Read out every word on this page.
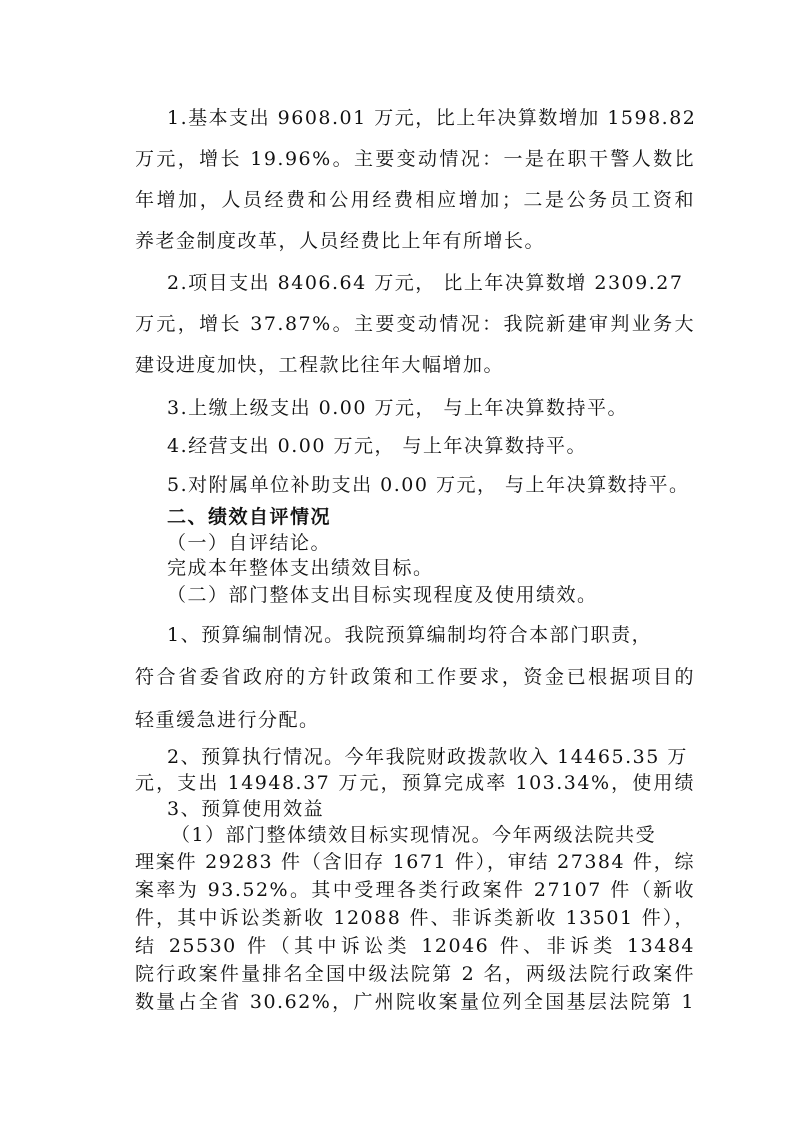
1.基本支出 9608.01 万元，比上年决算数增加 1598.82
万元，增长 19.96%。主要变动情况：一是在职干警人数比
年增加，人员经费和公用经费相应增加；二是公务员工资和
养老金制度改革，人员经费比上年有所增长。
2.项目支出 8406.64 万元， 比上年决算数增 2309.27
万元，增长 37.87%。主要变动情况：我院新建审判业务大
建设进度加快，工程款比往年大幅增加。
3.上缴上级支出 0.00 万元， 与上年决算数持平。
4.经营支出 0.00 万元， 与上年决算数持平。
5.对附属单位补助支出 0.00 万元， 与上年决算数持平。
二、绩效自评情况
（一）自评结论。
完成本年整体支出绩效目标。
（二）部门整体支出目标实现程度及使用绩效。
1、预算编制情况。我院预算编制均符合本部门职责，
符合省委省政府的方针政策和工作要求，资金已根据项目的
轻重缓急进行分配。
2、预算执行情况。今年我院财政拨款收入 14465.35 万
元，支出 14948.37 万元，预算完成率 103.34%，使用绩
3、预算使用效益
（1）部门整体绩效目标实现情况。今年两级法院共受
理案件 29283 件（含旧存 1671 件），审结 27384 件，综
案率为 93.52%。其中受理各类行政案件 27107 件（新收
件，其中诉讼类新收 12088 件、非诉类新收 13501 件），
结 25530 件（其中诉讼类 12046 件、非诉类 13484
院行政案件量排名全国中级法院第 2 名，两级法院行政案件
数量占全省 30.62%，广州院收案量位列全国基层法院第 1
